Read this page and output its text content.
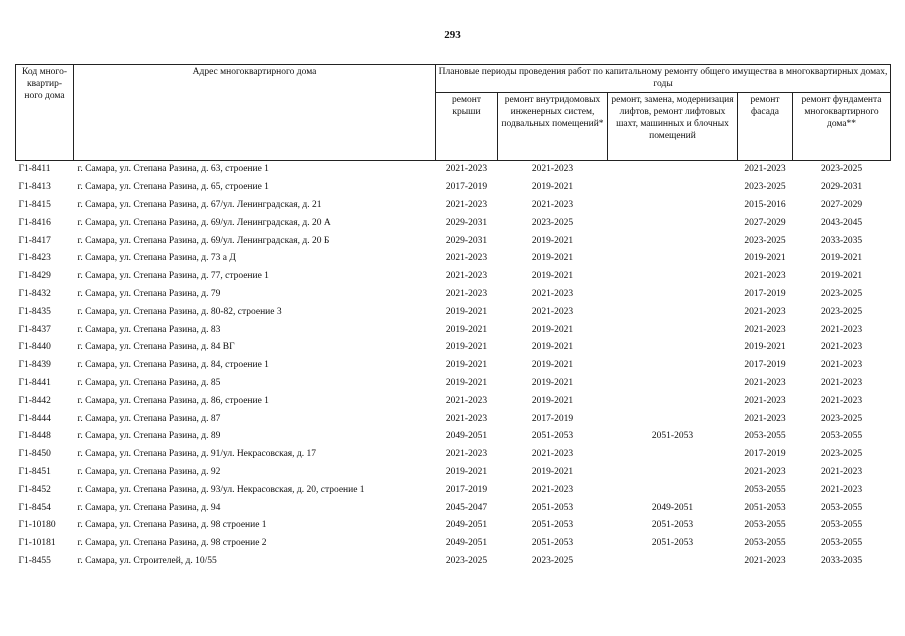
293
Код много-квартир-ного дома	Адрес многоквартирного дома	Плановые периоды проведения работ по капитальному ремонту общего имущества в многоквартирных домах, годы				
		ремонт крыши	ремонт внутридомовых инженерных систем, подвальных помещений*	ремонт, замена, модернизация лифтов, ремонт лифтовых шахт, машинных и блочных помещений	ремонт фасада	ремонт фундамента многоквартирного дома**
Г1-8411	г. Самара, ул. Степана Разина, д. 63, строение 1	2021-2023	2021-2023		2021-2023	2023-2025
Г1-8413	г. Самара, ул. Степана Разина, д. 65, строение 1	2017-2019	2019-2021		2023-2025	2029-2031
Г1-8415	г. Самара, ул. Степана Разина, д. 67/ул. Ленинградская, д. 21	2021-2023	2021-2023		2015-2016	2027-2029
Г1-8416	г. Самара, ул. Степана Разина, д. 69/ул. Ленинградская, д. 20 А	2029-2031	2023-2025		2027-2029	2043-2045
Г1-8417	г. Самара, ул. Степана Разина, д. 69/ул. Ленинградская, д. 20 Б	2029-2031	2019-2021		2023-2025	2033-2035
Г1-8423	г. Самара, ул. Степана Разина, д. 73 а Д	2021-2023	2019-2021		2019-2021	2019-2021
Г1-8429	г. Самара, ул. Степана Разина, д. 77, строение 1	2021-2023	2019-2021		2021-2023	2019-2021
Г1-8432	г. Самара, ул. Степана Разина, д. 79	2021-2023	2021-2023		2017-2019	2023-2025
Г1-8435	г. Самара, ул. Степана Разина, д. 80-82, строение 3	2019-2021	2021-2023		2021-2023	2023-2025
Г1-8437	г. Самара, ул. Степана Разина, д. 83	2019-2021	2019-2021		2021-2023	2021-2023
Г1-8440	г. Самара, ул. Степана Разина, д. 84 ВГ	2019-2021	2019-2021		2019-2021	2021-2023
Г1-8439	г. Самара, ул. Степана Разина, д. 84, строение 1	2019-2021	2019-2021		2017-2019	2021-2023
Г1-8441	г. Самара, ул. Степана Разина, д. 85	2019-2021	2019-2021		2021-2023	2021-2023
Г1-8442	г. Самара, ул. Степана Разина, д. 86, строение 1	2021-2023	2019-2021		2021-2023	2021-2023
Г1-8444	г. Самара, ул. Степана Разина, д. 87	2021-2023	2017-2019		2021-2023	2023-2025
Г1-8448	г. Самара, ул. Степана Разина, д. 89	2049-2051	2051-2053	2051-2053	2053-2055	2053-2055
Г1-8450	г. Самара, ул. Степана Разина, д. 91/ул. Некрасовская, д. 17	2021-2023	2021-2023		2017-2019	2023-2025
Г1-8451	г. Самара, ул. Степана Разина, д. 92	2019-2021	2019-2021		2021-2023	2021-2023
Г1-8452	г. Самара, ул. Степана Разина, д. 93/ул. Некрасовская, д. 20, строение 1	2017-2019	2021-2023		2053-2055	2021-2023
Г1-8454	г. Самара, ул. Степана Разина, д. 94	2045-2047	2051-2053	2049-2051	2051-2053	2053-2055
Г1-10180	г. Самара, ул. Степана Разина, д. 98 строение 1	2049-2051	2051-2053	2051-2053	2053-2055	2053-2055
Г1-10181	г. Самара, ул. Степана Разина, д. 98 строение 2	2049-2051	2051-2053	2051-2053	2053-2055	2053-2055
Г1-8455	г. Самара, ул. Строителей, д. 10/55	2023-2025	2023-2025		2021-2023	2033-2035
